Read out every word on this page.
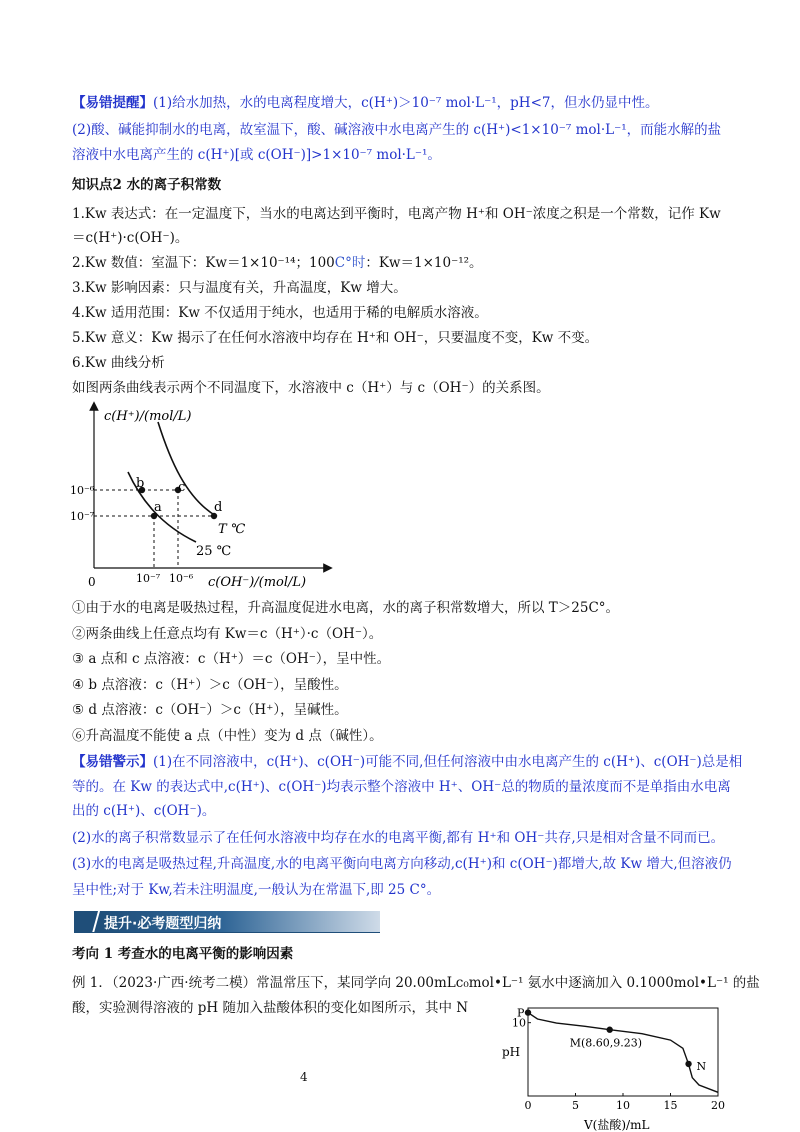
【易错提醒】(1)给水加热，水的电离程度增大，c(H⁺)＞10⁻⁷ mol·L⁻¹，pH<7，但水仍显中性。
(2)酸、碱能抑制水的电离，故室温下，酸、碱溶液中水电离产生的 c(H⁺)<1×10⁻⁷ mol·L⁻¹，而能水解的盐
溶液中水电离产生的 c(H⁺)[或 c(OH⁻)]>1×10⁻⁷ mol·L⁻¹。
知识点2 水的离子积常数
1.Kw 表达式：在一定温度下，当水的电离达到平衡时，电离产物 H⁺和 OH⁻浓度之积是一个常数，记作 Kw
＝c(H⁺)·c(OH⁻)。
2.Kw 数值：室温下：Kw＝1×10⁻¹⁴；100C°时：Kw＝1×10⁻¹²。
3.Kw 影响因素：只与温度有关，升高温度，Kw 增大。
4.Kw 适用范围：Kw 不仅适用于纯水，也适用于稀的电解质水溶液。
5.Kw 意义：Kw 揭示了在任何水溶液中均存在 H⁺和 OH⁻，只要温度不变，Kw 不变。
6.Kw 曲线分析
如图两条曲线表示两个不同温度下，水溶液中 c（H⁺）与 c（OH⁻）的关系图。
c(H⁺)/(mol/L)
c(OH⁻)/(mol/L)
0
10⁻⁶
10⁻⁷
10⁻⁷ 10⁻⁶
b
a
c
d
T ℃
25 ℃
①由于水的电离是吸热过程，升高温度促进水电离，水的离子积常数增大，所以 T＞25C°。
②两条曲线上任意点均有 Kw＝c（H⁺）·c（OH⁻）。
③ a 点和 c 点溶液：c（H⁺）＝c（OH⁻），呈中性。
④ b 点溶液：c（H⁺）＞c（OH⁻），呈酸性。
⑤ d 点溶液：c（OH⁻）＞c（H⁺），呈碱性。
⑥升高温度不能使 a 点（中性）变为 d 点（碱性）。
【易错警示】(1)在不同溶液中，c(H⁺)、c(OH⁻)可能不同,但任何溶液中由水电离产生的 c(H⁺)、c(OH⁻)总是相
等的。在 Kw 的表达式中,c(H⁺)、c(OH⁻)均表示整个溶液中 H⁺、OH⁻总的物质的量浓度而不是单指由水电离
出的 c(H⁺)、c(OH⁻)。
(2)水的离子积常数显示了在任何水溶液中均存在水的电离平衡,都有 H⁺和 OH⁻共存,只是相对含量不同而已。
(3)水的电离是吸热过程,升高温度,水的电离平衡向电离方向移动,c(H⁺)和 c(OH⁻)都增大,故 Kw 增大,但溶液仍
呈中性;对于 Kw,若未注明温度,一般认为在常温下,即 25 C°。
提升·必考题型归纳
考向 1 考查水的电离平衡的影响因素
例 1．（2023·广西·统考二模）常温常压下，某同学向 20.00mLc₀mol•L⁻¹ 氨水中逐滴加入 0.1000mol•L⁻¹ 的盐
酸，实验测得溶液的 pH 随加入盐酸体积的变化如图所示，其中 N
4
pH
V(盐酸)/mL
0	5	10	15	20
10
P
M(8.60,9.23)
N
